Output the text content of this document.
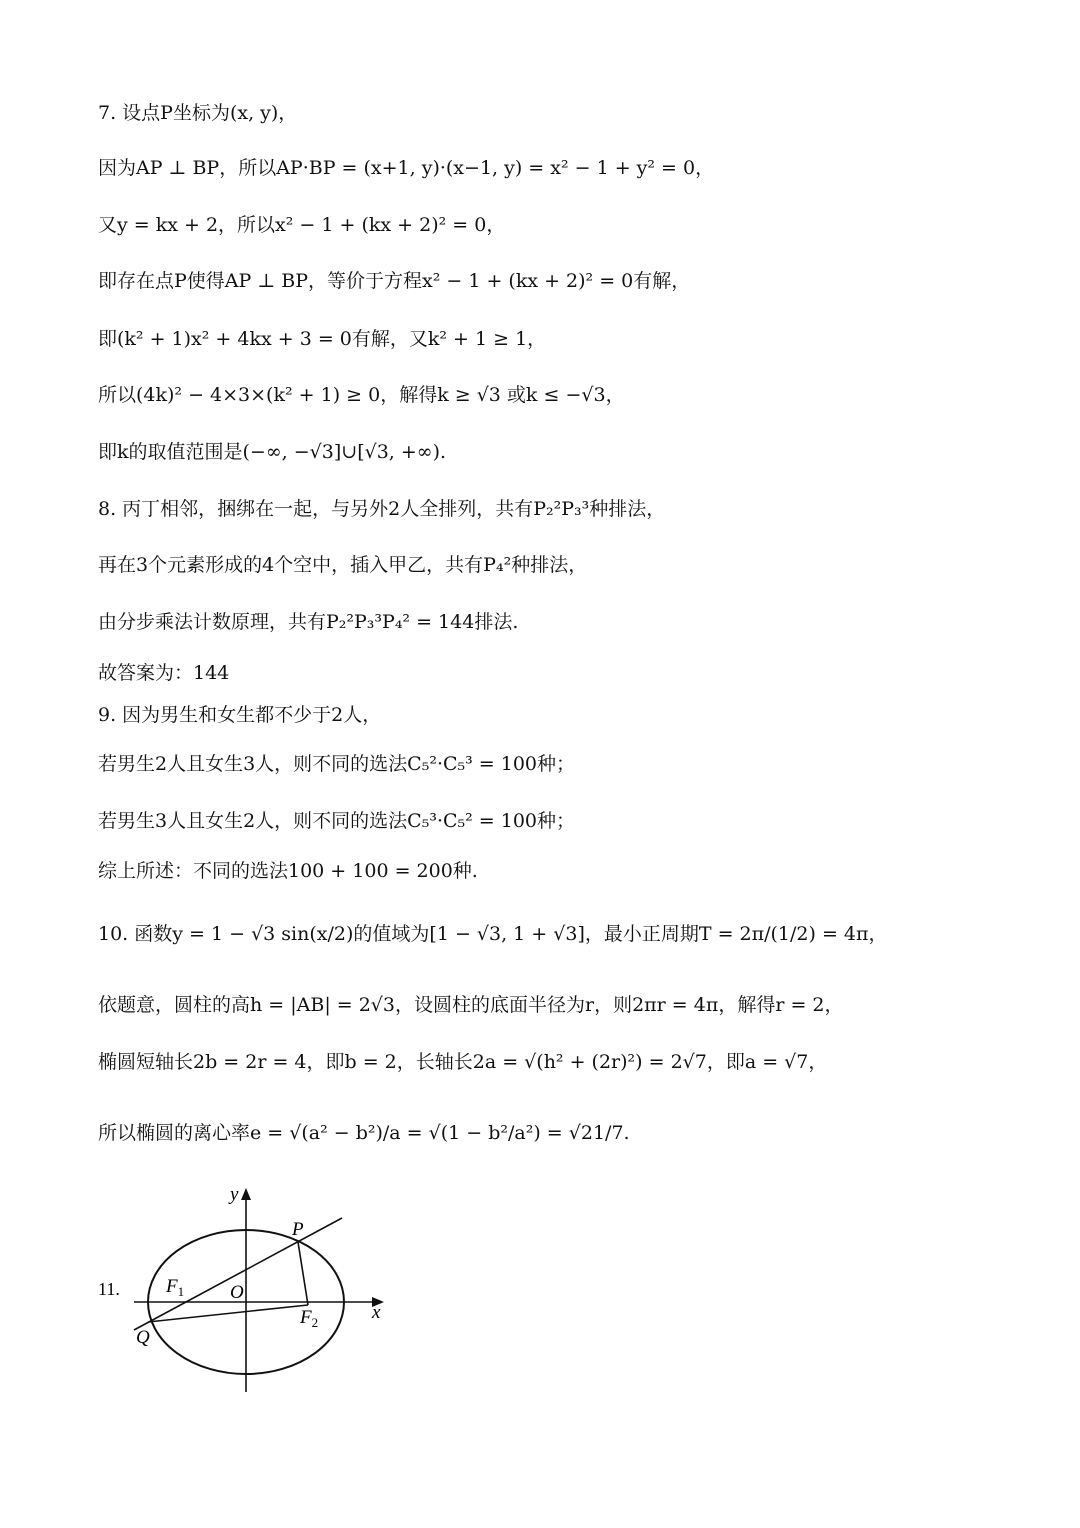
7. 设点P坐标为(x, y)，
因为AP ⊥ BP，所以AP·BP = (x+1, y)·(x−1, y) = x² − 1 + y² = 0，
又y = kx + 2，所以x² − 1 + (kx + 2)² = 0，
即存在点P使得AP ⊥ BP，等价于方程x² − 1 + (kx + 2)² = 0有解，
即(k² + 1)x² + 4kx + 3 = 0有解，又k² + 1 ≥ 1，
所以(4k)² − 4×3×(k² + 1) ≥ 0，解得k ≥ √3 或k ≤ −√3，
即k的取值范围是(−∞, −√3]∪[√3, +∞).
8. 丙丁相邻，捆绑在一起，与另外2人全排列，共有P₂²P₃³种排法，
再在3个元素形成的4个空中，插入甲乙，共有P₄²种排法，
由分步乘法计数原理，共有P₂²P₃³P₄² = 144排法.
故答案为：144
9. 因为男生和女生都不少于2人，
若男生2人且女生3人，则不同的选法C₅²·C₅³ = 100种；
若男生3人且女生2人，则不同的选法C₅³·C₅² = 100种；
综上所述：不同的选法100 + 100 = 200种.
10. 函数y = 1 − √3 sin(x/2)的值域为[1 − √3, 1 + √3]，最小正周期T = 2π/(1/2) = 4π，
依题意，圆柱的高h = |AB| = 2√3，设圆柱的底面半径为r，则2πr = 4π，解得r = 2，
椭圆短轴长2b = 2r = 4，即b = 2，长轴长2a = √(h² + (2r)²) = 2√7，即a = √7，
所以椭圆的离心率e = √(a² − b²)/a = √(1 − b²/a²) = √21/7.
11.
y
x
P
O
$F_1$
$F_2$
Q
